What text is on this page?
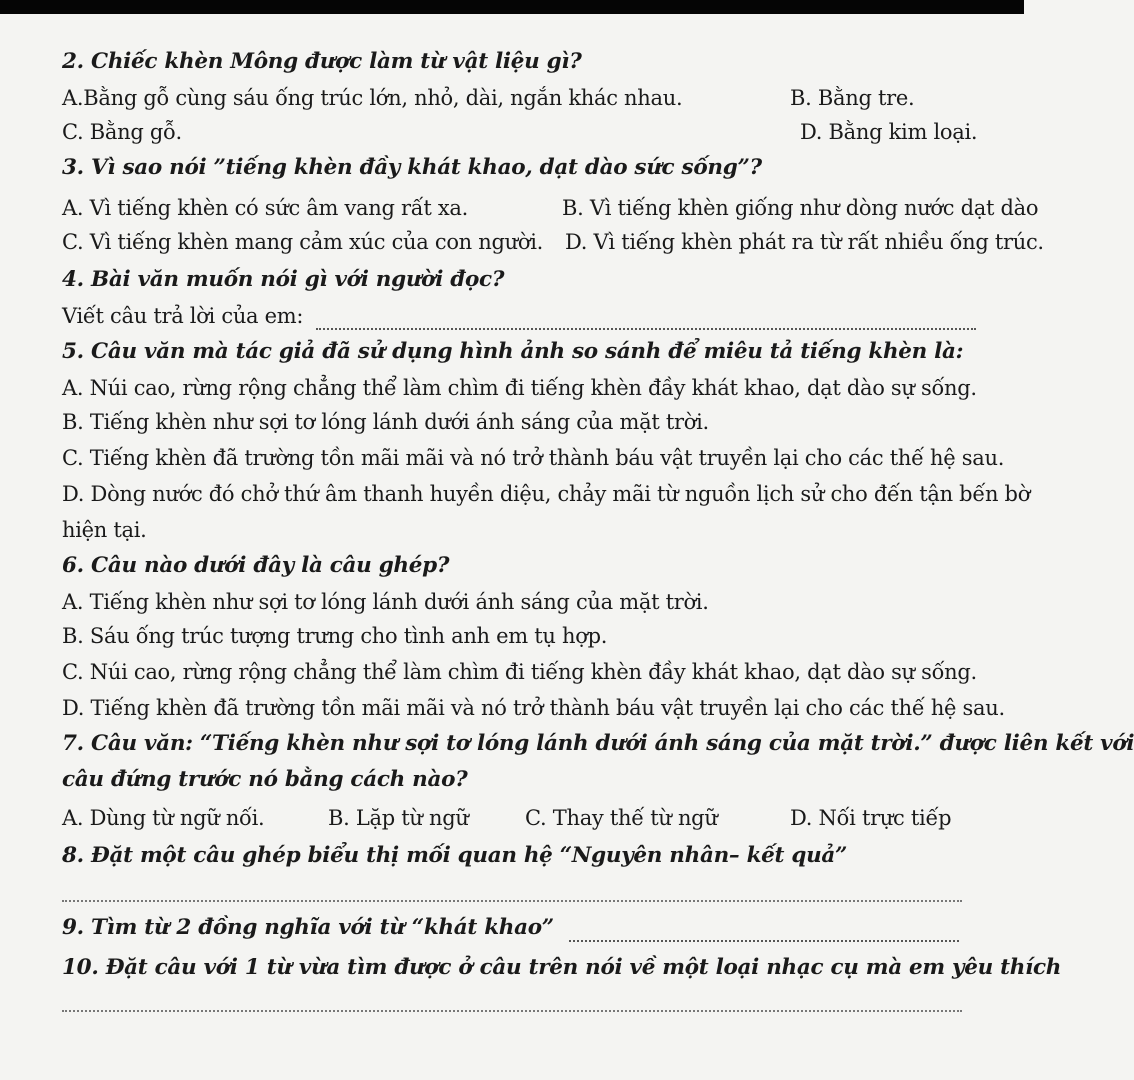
2. Chiếc khèn Mông được làm từ vật liệu gì?
A.Bằng gỗ cùng sáu ống trúc lớn, nhỏ, dài, ngắn khác nhau.	B. Bằng tre.
C. Bằng gỗ.	D. Bằng kim loại.
3. Vì sao nói ”tiếng khèn đầy khát khao, dạt dào sức sống”?
A. Vì tiếng khèn có sức âm vang rất xa.	B. Vì tiếng khèn giống như dòng nước dạt dào
C. Vì tiếng khèn mang cảm xúc của con người. D. Vì tiếng khèn phát ra từ rất nhiều ống trúc.
4. Bài văn muốn nói gì với người đọc?
Viết câu trả lời của em:
5. Câu văn mà tác giả đã sử dụng hình ảnh so sánh để miêu tả tiếng khèn là:
A. Núi cao, rừng rộng chẳng thể làm chìm đi tiếng khèn đầy khát khao, dạt dào sự sống.
B. Tiếng khèn như sợi tơ lóng lánh dưới ánh sáng của mặt trời.
C. Tiếng khèn đã trường tồn mãi mãi và nó trở thành báu vật truyền lại cho các thế hệ sau.
D. Dòng nước đó chở thứ âm thanh huyền diệu, chảy mãi từ nguồn lịch sử cho đến tận bến bờ
hiện tại.
6. Câu nào dưới đây là câu ghép?
A. Tiếng khèn như sợi tơ lóng lánh dưới ánh sáng của mặt trời.
B. Sáu ống trúc tượng trưng cho tình anh em tụ hợp.
C. Núi cao, rừng rộng chẳng thể làm chìm đi tiếng khèn đầy khát khao, dạt dào sự sống.
D. Tiếng khèn đã trường tồn mãi mãi và nó trở thành báu vật truyền lại cho các thế hệ sau.
7. Câu văn: “Tiếng khèn như sợi tơ lóng lánh dưới ánh sáng của mặt trời.” được liên kết với
câu đứng trước nó bằng cách nào?
A. Dùng từ ngữ nối.	B. Lặp từ ngữ	C. Thay thế từ ngữ	D. Nối trực tiếp
8. Đặt một câu ghép biểu thị mối quan hệ “Nguyên nhân– kết quả”
9. Tìm từ 2 đồng nghĩa với từ “khát khao”
10. Đặt câu với 1 từ vừa tìm được ở câu trên nói về một loại nhạc cụ mà em yêu thích
